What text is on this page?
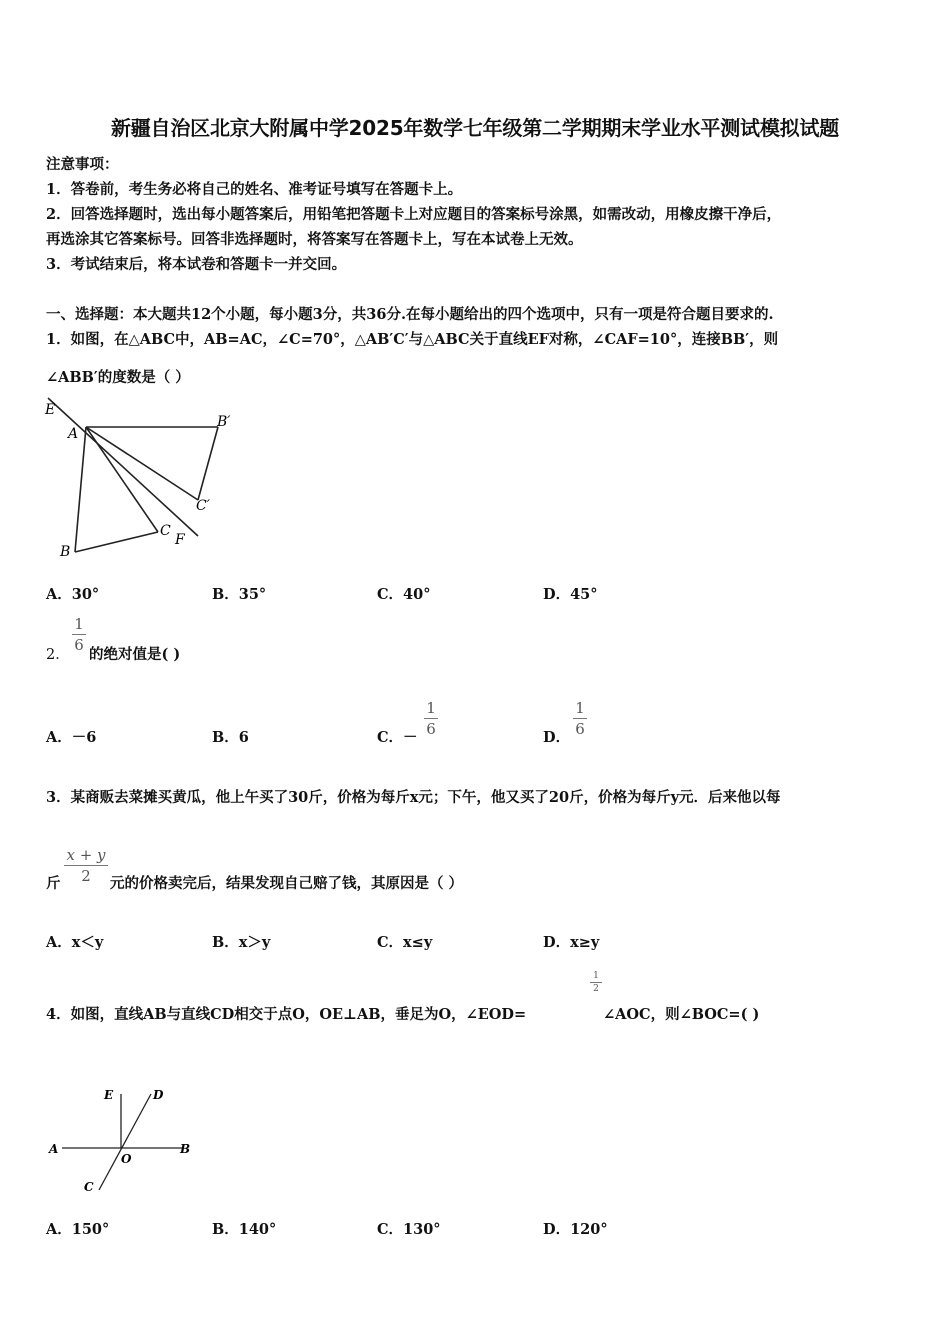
新疆自治区北京大附属中学2025年数学七年级第二学期期末学业水平测试模拟试题
注意事项：
1．答卷前，考生务必将自己的姓名、准考证号填写在答题卡上。
2．回答选择题时，选出每小题答案后，用铅笔把答题卡上对应题目的答案标号涂黑，如需改动，用橡皮擦干净后，
再选涂其它答案标号。回答非选择题时，将答案写在答题卡上，写在本试卷上无效。
3．考试结束后，将本试卷和答题卡一并交回。
一、选择题：本大题共12个小题，每小题3分，共36分.在每小题给出的四个选项中，只有一项是符合题目要求的.
1．如图，在△ABC中，AB=AC，∠C=70°，△AB′C′与△ABC关于直线EF对称，∠CAF=10°，连接BB′，则
∠ABB′的度数是（ ）
E
A
B′
C′
C
F
B
A．30°	B．35°	C．40°	D．45°
2．
1
6
的绝对值是( )
A．－6	B．6	C．－
1
6	D．
1
6
3．某商贩去菜摊买黄瓜，他上午买了30斤，价格为每斤x元；下午，他又买了20斤，价格为每斤y元．后来他以每
斤
x + y
2	元的价格卖完后，结果发现自己赔了钱，其原因是（ ）
A．x＜y	B．x＞y	C．x≤y	D．x≥y
4．如图，直线AB与直线CD相交于点O，OE⊥AB，垂足为O，∠EOD=
1
2
∠AOC，则∠BOC=( )
E	D
A
O
B
C
A．150°	B．140°	C．130°	D．120°
